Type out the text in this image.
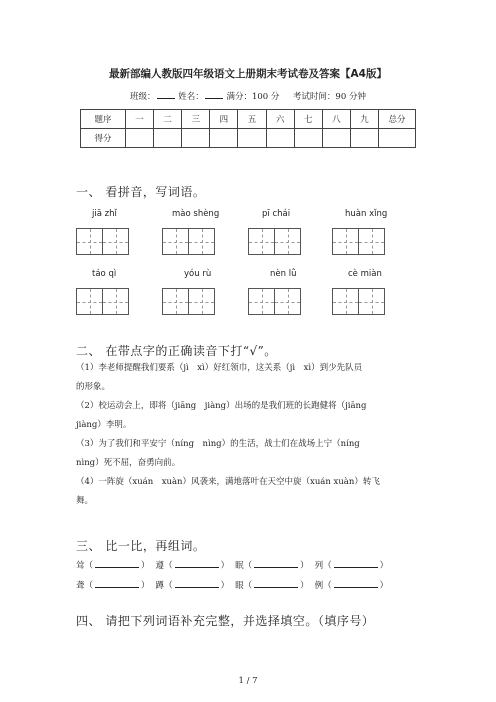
最新部编人教版四年级语文上册期末考试卷及答案【A4版】
班级：	姓名：	满分：100 分 考试时间：90 分钟
题序	一	二	三	四	五	六	七	八	九	总分
得分										
一、 看拼音，写词语。
jiā zhǐ	mào shèng	pī chái	huàn xǐng
táo qì	yóu rù	nèn lǜ	cè miàn
二、 在带点字的正确读音下打“√”。
（1）李老师提醒我们要系（jì　xì）好红领巾，这关系（jì　xì）到少先队员
的形象。
（2）校运动会上，即将（jiāng　jiàng）出场的是我们班的长跑健将（jiāng
jiàng）李明。
（3）为了我们和平安宁（níng　nìng）的生活，战士们在战场上宁（níng
nìng）死不屈，奋勇向前。
（4）一阵旋（xuán　xuàn）风袭来，满地落叶在天空中旋（xuán xuàn）转飞
舞。
三、 比一比，再组词。
耸 （	） 遵 （	） 眠 （	） 列 （	）
聋 （	） 蹲 （	） 眼 （	） 例 （	）
四、 请把下列词语补充完整，并选择填空。（填序号）
1 / 7
